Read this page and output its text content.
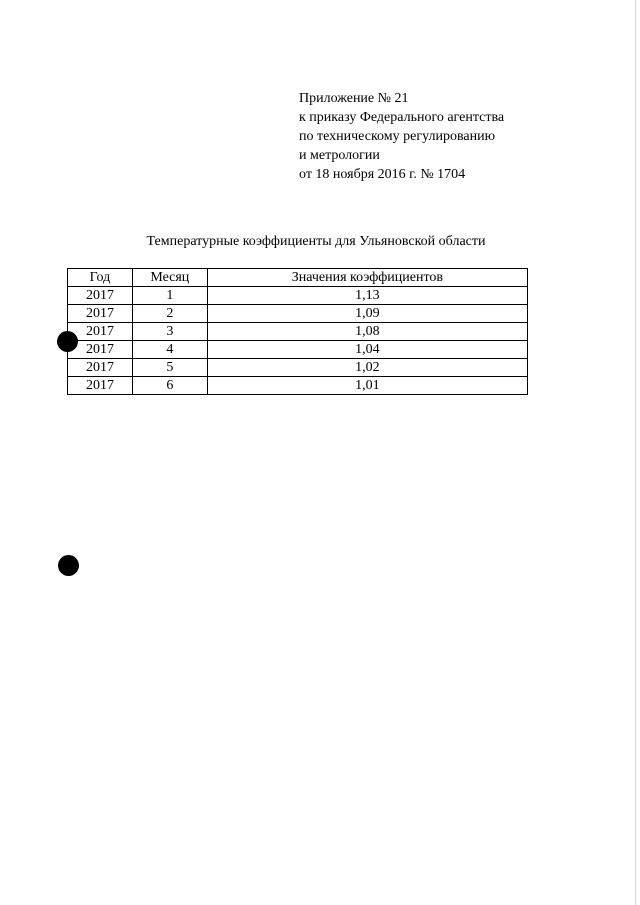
Приложение № 21
к приказу Федерального агентства
по техническому регулированию
и метрологии
от 18 ноября 2016 г. № 1704
Температурные коэффициенты для Ульяновской области
Год	Месяц	Значения коэффициентов
2017	1	1,13
2017	2	1,09
2017	3	1,08
2017	4	1,04
2017	5	1,02
2017	6	1,01
